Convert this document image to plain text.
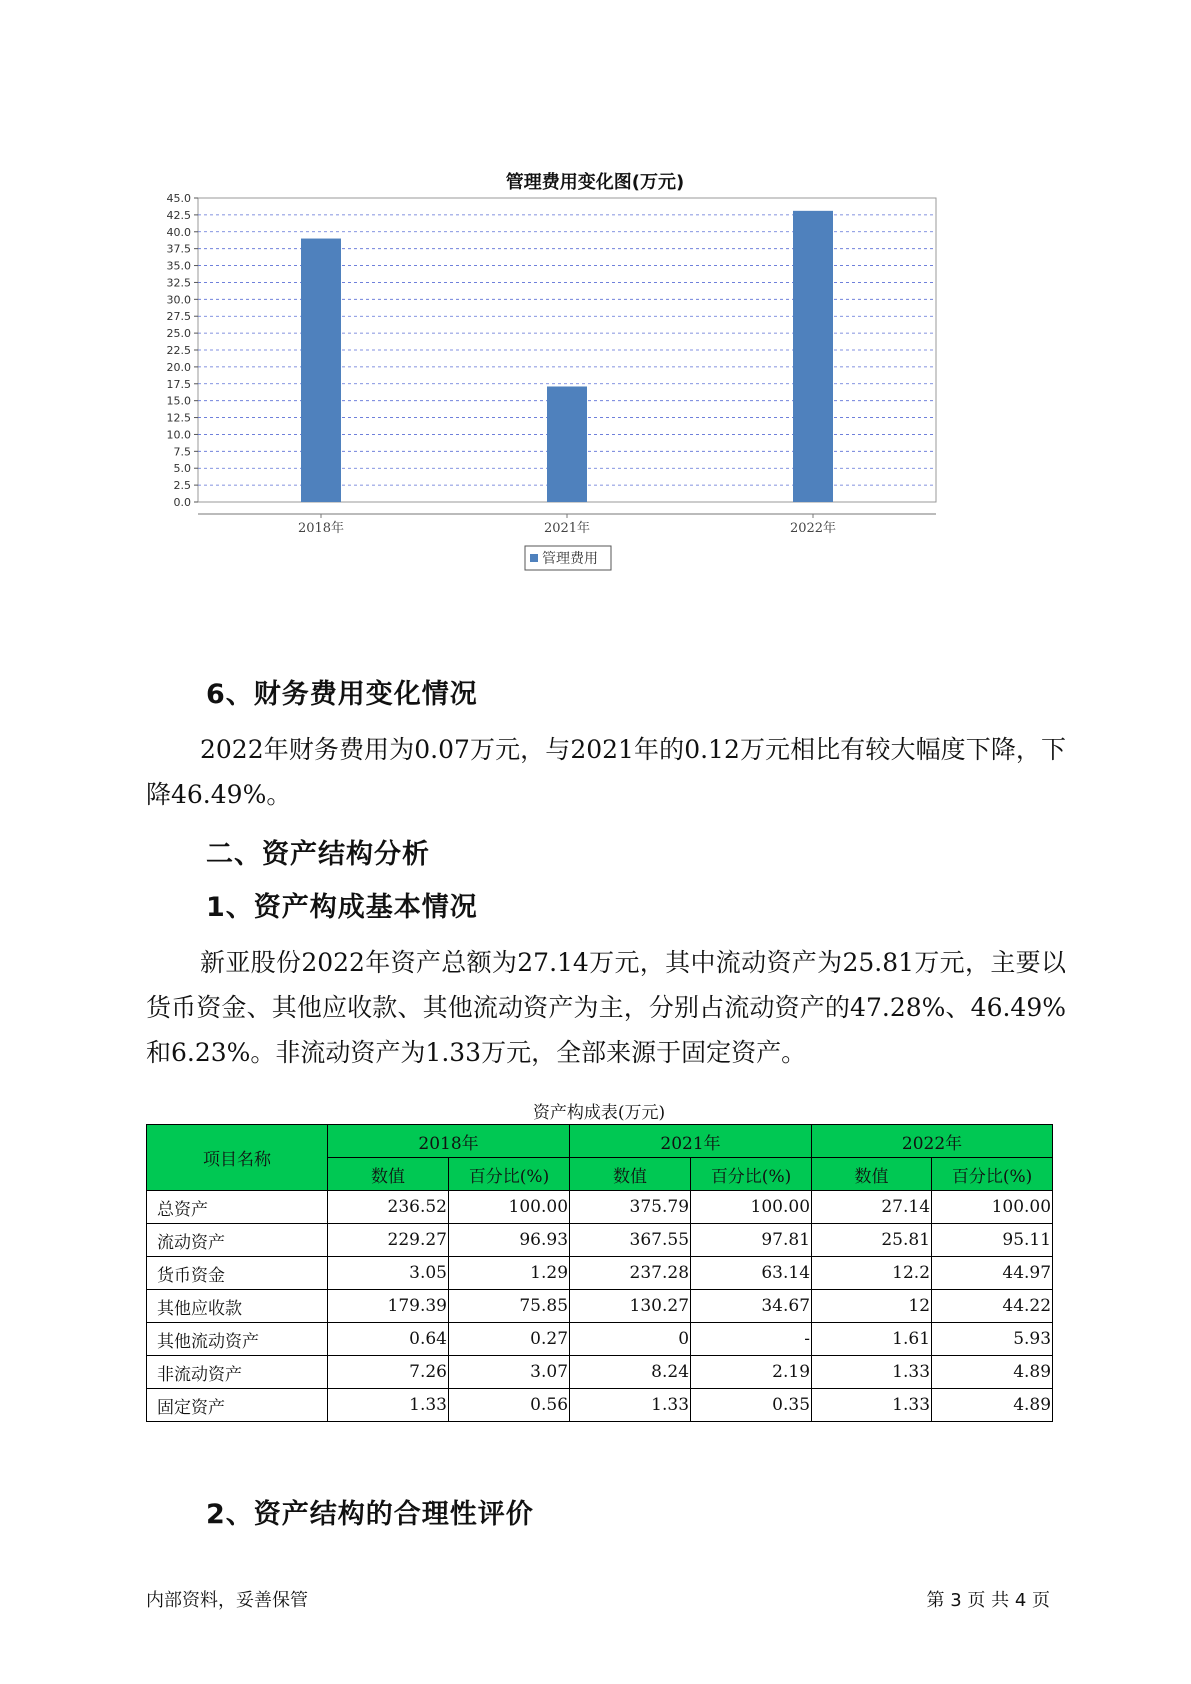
管理费用变化图(万元)
0.0
2.5
5.0
7.5
10.0
12.5
15.0
17.5
20.0
22.5
25.0
27.5
30.0
32.5
35.0
37.5
40.0
42.5
45.0
2018年	2021年	2022年
管理费用
6、财务费用变化情况
2022年财务费用为0.07万元，与2021年的0.12万元相比有较大幅度下降，下降46.49%。
二、资产结构分析
1、资产构成基本情况
新亚股份2022年资产总额为27.14万元，其中流动资产为25.81万元，主要以货币资金、其他应收款、其他流动资产为主，分别占流动资产的47.28%、46.49%和6.23%。非流动资产为1.33万元，全部来源于固定资产。
资产构成表(万元)
项目名称	2018年		2021年		2022年	
	数值	百分比(%)	数值	百分比(%)	数值	百分比(%)
总资产	236.52	100.00	375.79	100.00	27.14	100.00
流动资产	229.27	96.93	367.55	97.81	25.81	95.11
货币资金	3.05	1.29	237.28	63.14	12.2	44.97
其他应收款	179.39	75.85	130.27	34.67	12	44.22
其他流动资产	0.64	0.27	0	-	1.61	5.93
非流动资产	7.26	3.07	8.24	2.19	1.33	4.89
固定资产	1.33	0.56	1.33	0.35	1.33	4.89
2、资产结构的合理性评价
内部资料，妥善保管	第 3 页 共 4 页
